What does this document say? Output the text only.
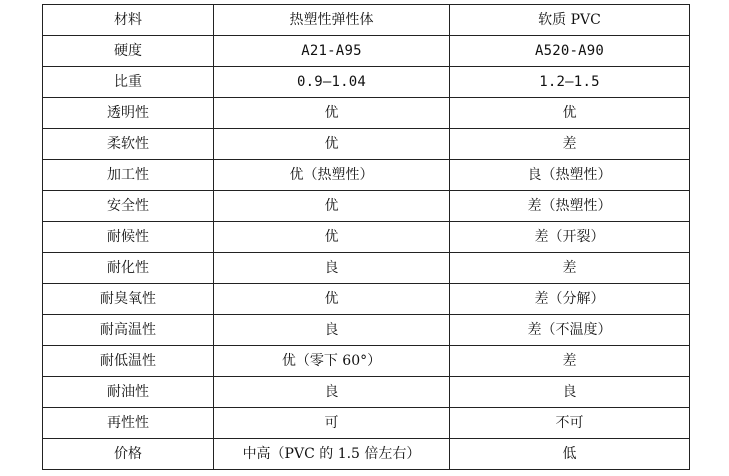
材料	热塑性弹性体	软质 PVC
硬度	A21-A95	A520-A90
比重	0.9—1.04	1.2—1.5
透明性	优	优
柔软性	优	差
加工性	优（热塑性）	良（热塑性）
安全性	优	差（热塑性）
耐候性	优	差（开裂）
耐化性	良	差
耐臭氧性	优	差（分解）
耐高温性	良	差（不温度）
耐低温性	优（零下 60°）	差
耐油性	良	良
再性性	可	不可
价格	中高（PVC 的 1.5 倍左右）	低
